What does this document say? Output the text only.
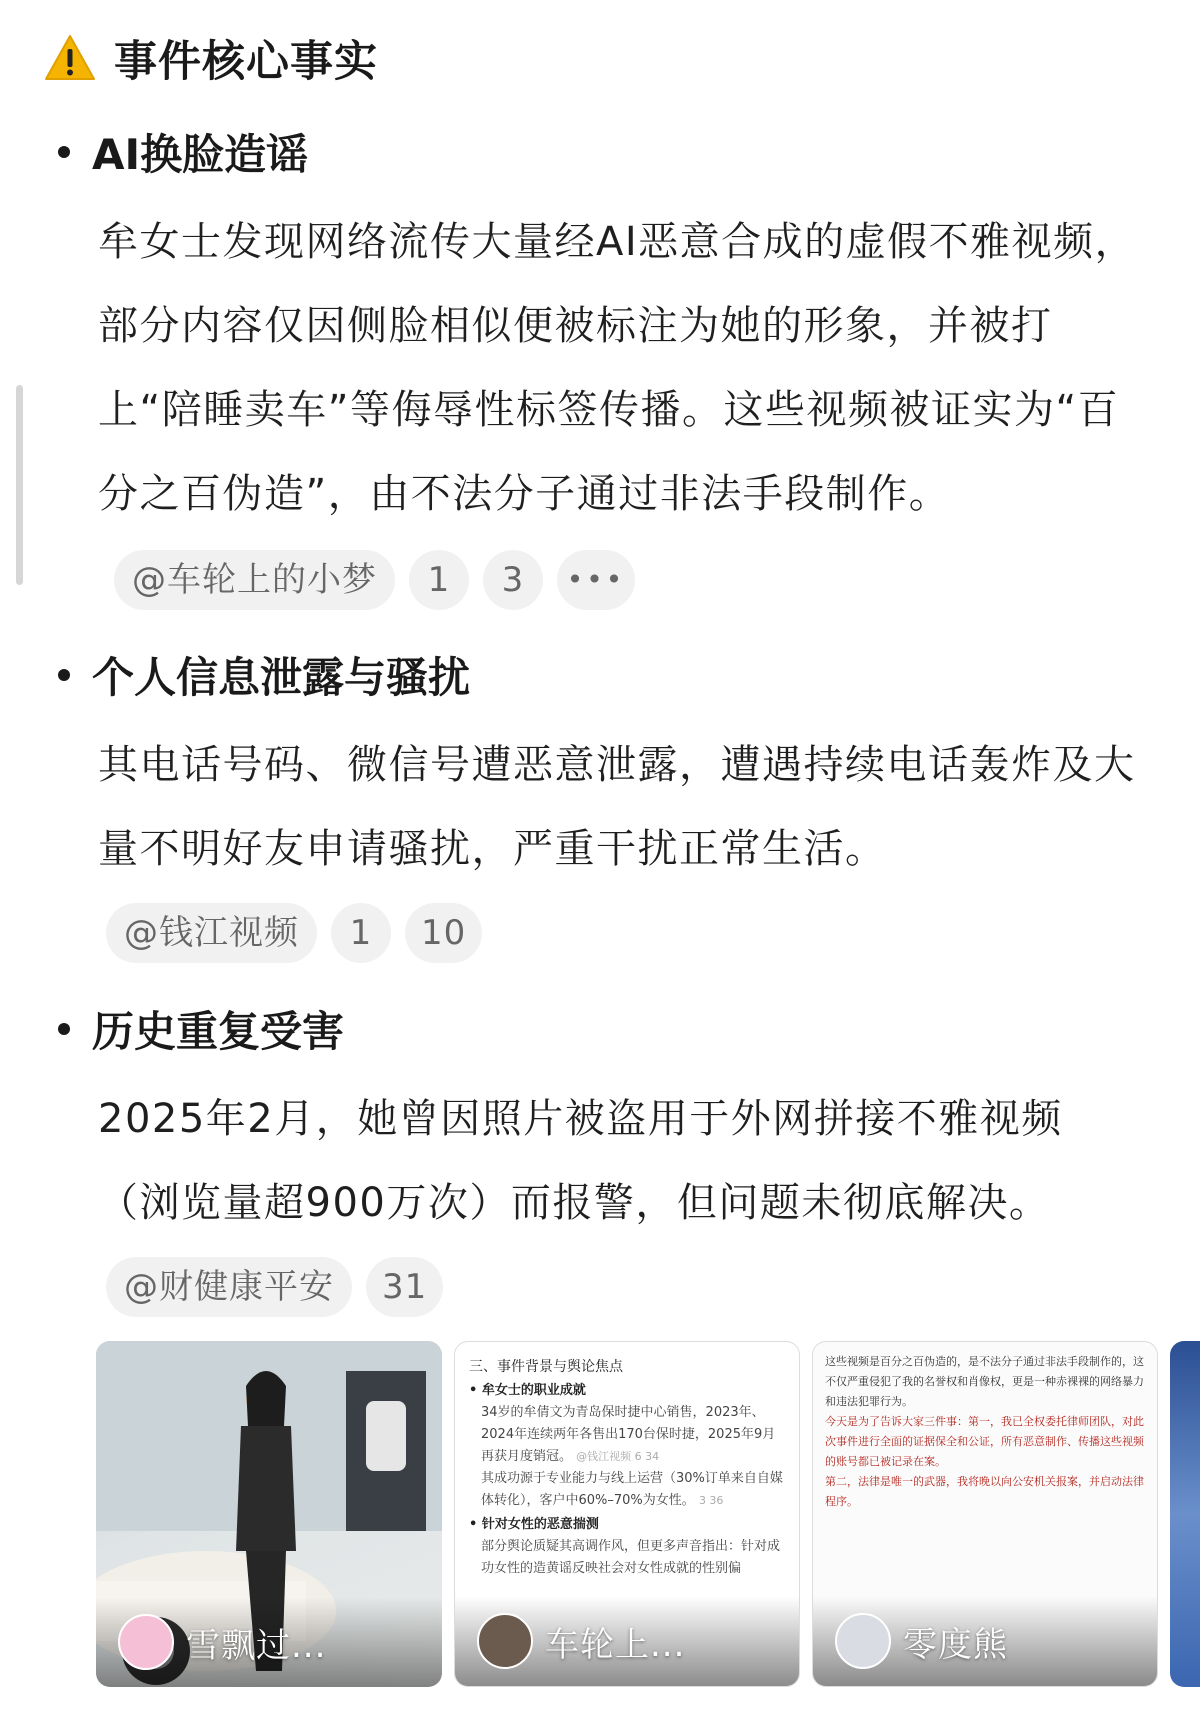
事件核心事实
AI换脸造谣
牟女士发现网络流传大量经AI恶意合成的虚假不雅视频，部分内容仅因侧脸相似便被标注为她的形象，并被打上“陪睡卖车”等侮辱性标签传播。这些视频被证实为“百分之百伪造”，由不法分子通过非法手段制作。
@车轮上的小梦	1	3	•••
个人信息泄露与骚扰
其电话号码、微信号遭恶意泄露，遭遇持续电话轰炸及大量不明好友申请骚扰，严重干扰正常生活。
@钱江视频	1	10
历史重复受害
2025年2月，她曾因照片被盗用于外网拼接不雅视频（浏览量超900万次）而报警，但问题未彻底解决。
@财健康平安	31
雪飘过...
三、事件背景与舆论焦点
• 牟女士的职业成就
34岁的牟倩文为青岛保时捷中心销售，2023年、2024年连续两年各售出170台保时捷，2025年9月再获月度销冠。 @钱江视频 6 34
其成功源于专业能力与线上运营（30%订单来自自媒体转化），客户中60%–70%为女性。 3 36
• 针对女性的恶意揣测
部分舆论质疑其高调作风，但更多声音指出：针对成功女性的造黄谣反映社会对女性成就的性别偏
车轮上...
这些视频是百分之百伪造的，是不法分子通过非法手段制作的，这不仅严重侵犯了我的名誉权和肖像权，更是一种赤裸裸的网络暴力和违法犯罪行为。
今天是为了告诉大家三件事：第一，我已全权委托律师团队，对此次事件进行全面的证据保全和公证，所有恶意制作、传播这些视频的账号都已被记录在案。
第二，法律是唯一的武器，我将晚以向公安机关报案，并启动法律程序。
零度熊
